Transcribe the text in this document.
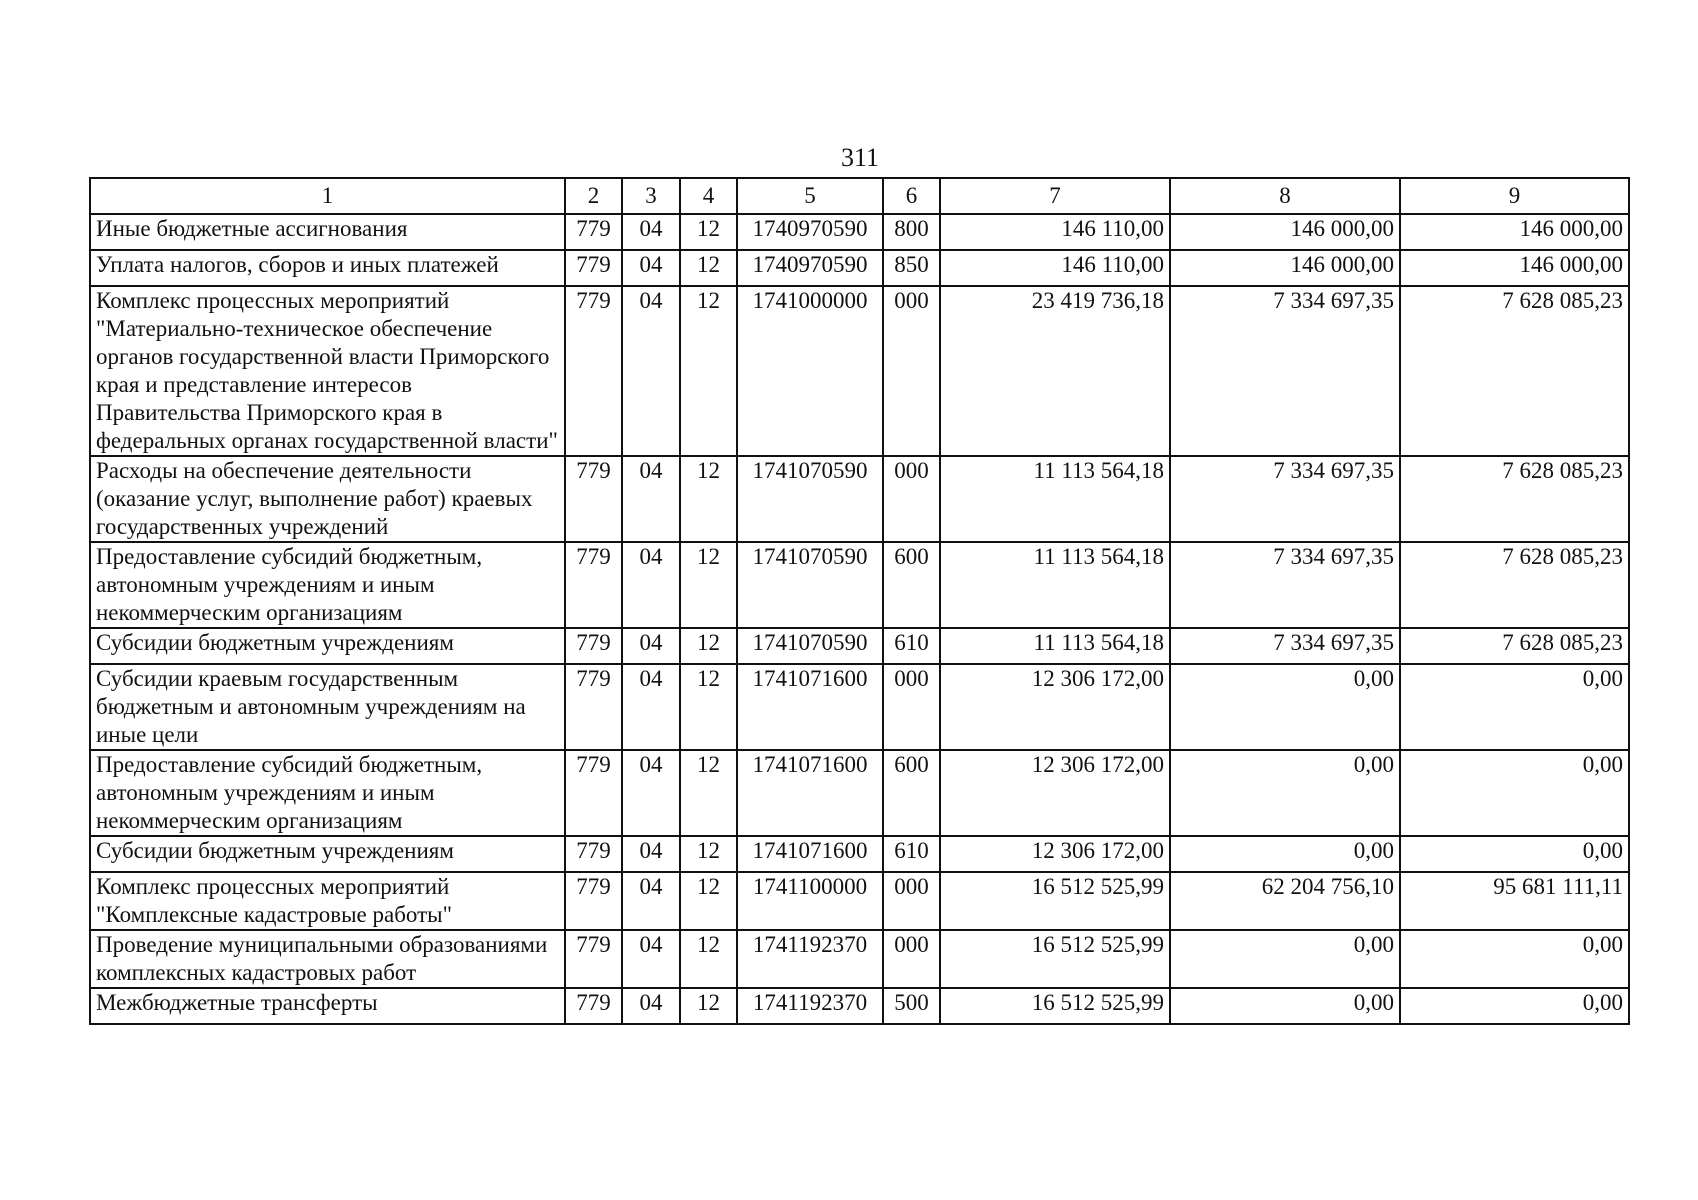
311
1	2	3	4	5	6	7	8	9
Иные бюджетные ассигнования	779	04	12	1740970590	800	146 110,00	146 000,00	146 000,00
Уплата налогов, сборов и иных платежей	779	04	12	1740970590	850	146 110,00	146 000,00	146 000,00
Комплекс процессных мероприятий "Материально-техническое обеспечение органов государственной власти Приморского края и представление интересов Правительства Приморского края в федеральных органах государственной власти"	779	04	12	1741000000	000	23 419 736,18	7 334 697,35	7 628 085,23
Расходы на обеспечение деятельности (оказание услуг, выполнение работ) краевых государственных учреждений	779	04	12	1741070590	000	11 113 564,18	7 334 697,35	7 628 085,23
Предоставление субсидий бюджетным, автономным учреждениям и иным некоммерческим организациям	779	04	12	1741070590	600	11 113 564,18	7 334 697,35	7 628 085,23
Субсидии бюджетным учреждениям	779	04	12	1741070590	610	11 113 564,18	7 334 697,35	7 628 085,23
Субсидии краевым государственным бюджетным и автономным учреждениям на иные цели	779	04	12	1741071600	000	12 306 172,00	0,00	0,00
Предоставление субсидий бюджетным, автономным учреждениям и иным некоммерческим организациям	779	04	12	1741071600	600	12 306 172,00	0,00	0,00
Субсидии бюджетным учреждениям	779	04	12	1741071600	610	12 306 172,00	0,00	0,00
Комплекс процессных мероприятий "Комплексные кадастровые работы"	779	04	12	1741100000	000	16 512 525,99	62 204 756,10	95 681 111,11
Проведение муниципальными образованиями комплексных кадастровых работ	779	04	12	1741192370	000	16 512 525,99	0,00	0,00
Межбюджетные трансферты	779	04	12	1741192370	500	16 512 525,99	0,00	0,00
